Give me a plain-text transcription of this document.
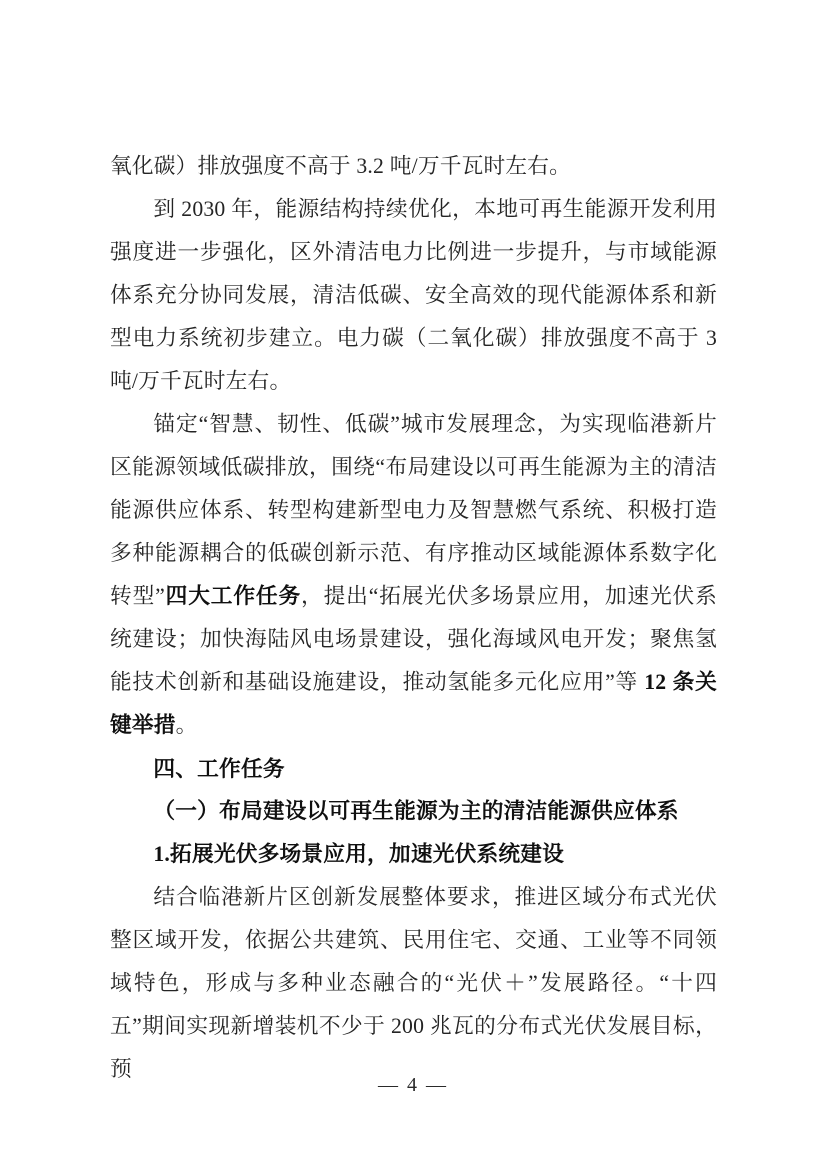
氧化碳）排放强度不高于 3.2 吨/万千瓦时左右。

到 2030 年，能源结构持续优化，本地可再生能源开发利用强度进一步强化，区外清洁电力比例进一步提升，与市域能源体系充分协同发展，清洁低碳、安全高效的现代能源体系和新型电力系统初步建立。电力碳（二氧化碳）排放强度不高于 3 吨/万千瓦时左右。

锚定“智慧、韧性、低碳”城市发展理念，为实现临港新片区能源领域低碳排放，围绕“布局建设以可再生能源为主的清洁能源供应体系、转型构建新型电力及智慧燃气系统、积极打造多种能源耦合的低碳创新示范、有序推动区域能源体系数字化转型”四大工作任务，提出“拓展光伏多场景应用，加速光伏系统建设；加快海陆风电场景建设，强化海域风电开发；聚焦氢能技术创新和基础设施建设，推动氢能多元化应用”等 12 条关键举措。

四、工作任务

（一）布局建设以可再生能源为主的清洁能源供应体系

1.拓展光伏多场景应用，加速光伏系统建设

结合临港新片区创新发展整体要求，推进区域分布式光伏整区域开发，依据公共建筑、民用住宅、交通、工业等不同领域特色，形成与多种业态融合的“光伏＋”发展路径。“十四五”期间实现新增装机不少于 200 兆瓦的分布式光伏发展目标，预

— 4 —
